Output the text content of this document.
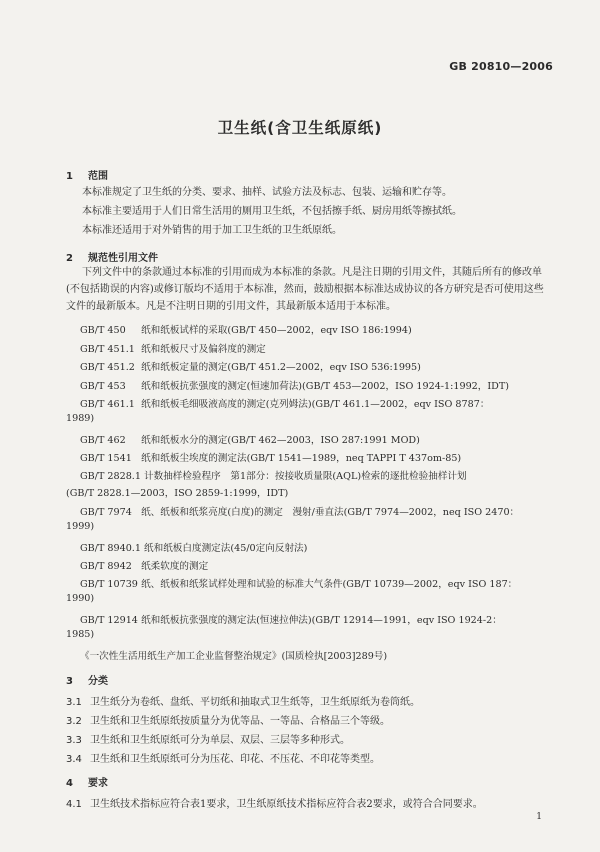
GB 20810—2006
卫生纸(含卫生纸原纸)
1 范围
本标准规定了卫生纸的分类、要求、抽样、试验方法及标志、包装、运输和贮存等。
本标准主要适用于人们日常生活用的厕用卫生纸，不包括擦手纸、厨房用纸等擦拭纸。
本标准还适用于对外销售的用于加工卫生纸的卫生纸原纸。
2 规范性引用文件
下列文件中的条款通过本标准的引用而成为本标准的条款。凡是注日期的引用文件，其随后所有的修改单(不包括勘误的内容)或修订版均不适用于本标准，然而，鼓励根据本标准达成协议的各方研究是否可使用这些文件的最新版本。凡是不注明日期的引用文件，其最新版本适用于本标准。
GB/T 450 纸和纸板试样的采取(GB/T 450—2002，eqv ISO 186:1994)
GB/T 451.1 纸和纸板尺寸及偏斜度的测定
GB/T 451.2 纸和纸板定量的测定(GB/T 451.2—2002，eqv ISO 536:1995)
GB/T 453 纸和纸板抗张强度的测定(恒速加荷法)(GB/T 453—2002，ISO 1924-1:1992，IDT)
GB/T 461.1 纸和纸板毛细吸液高度的测定(克列姆法)(GB/T 461.1—2002，eqv ISO 8787：
1989)
GB/T 462 纸和纸板水分的测定(GB/T 462—2003，ISO 287:1991 MOD)
GB/T 1541 纸和纸板尘埃度的测定法(GB/T 1541—1989，neq TAPPI T 437om-85)
GB/T 2828.1 计数抽样检验程序　第1部分：按接收质量限(AQL)检索的逐批检验抽样计划
(GB/T 2828.1—2003，ISO 2859-1:1999，IDT)
GB/T 7974 纸、纸板和纸浆亮度(白度)的测定　漫射/垂直法(GB/T 7974—2002，neq ISO 2470：
1999)
GB/T 8940.1 纸和纸板白度测定法(45/0定向反射法)
GB/T 8942 纸柔软度的测定
GB/T 10739 纸、纸板和纸浆试样处理和试验的标准大气条件(GB/T 10739—2002，eqv ISO 187：
1990)
GB/T 12914 纸和纸板抗张强度的测定法(恒速拉伸法)(GB/T 12914—1991，eqv ISO 1924-2：
1985)
《一次性生活用纸生产加工企业监督整治规定》(国质检执[2003]289号)
3 分类
3.1 卫生纸分为卷纸、盘纸、平切纸和抽取式卫生纸等，卫生纸原纸为卷筒纸。
3.2 卫生纸和卫生纸原纸按质量分为优等品、一等品、合格品三个等级。
3.3 卫生纸和卫生纸原纸可分为单层、双层、三层等多种形式。
3.4 卫生纸和卫生纸原纸可分为压花、印花、不压花、不印花等类型。
4 要求
4.1 卫生纸技术指标应符合表1要求，卫生纸原纸技术指标应符合表2要求，或符合合同要求。
1
